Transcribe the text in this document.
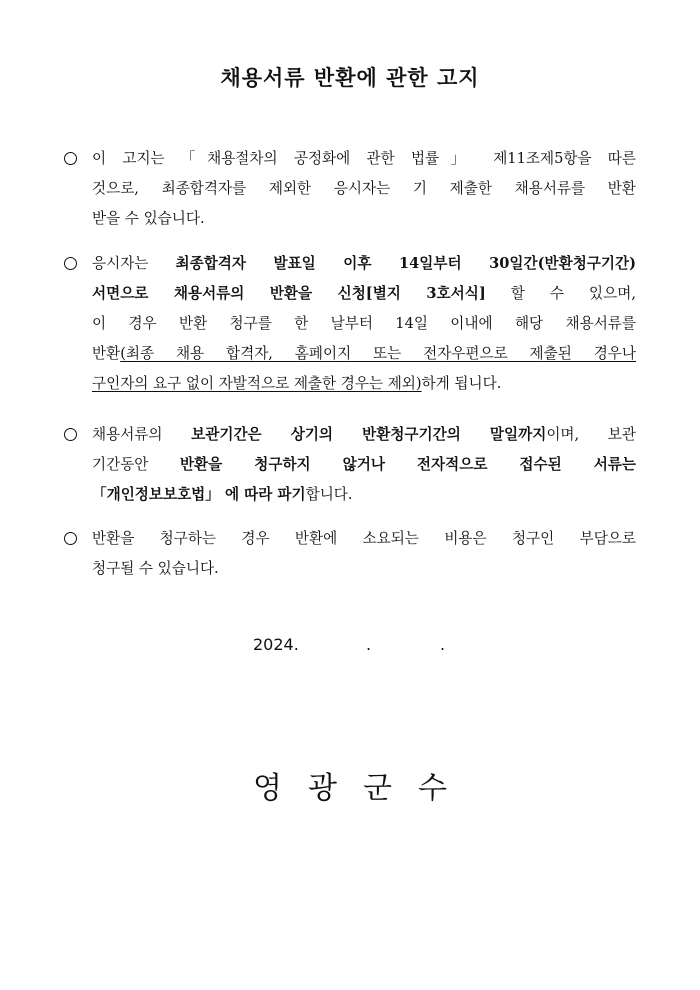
채용서류 반환에 관한 고지
이 고지는 「채용절차의 공정화에 관한 법률」 제11조제5항을 따른
것으로, 최종합격자를 제외한 응시자는 기 제출한 채용서류를 반환
받을 수 있습니다.
응시자는 최종합격자 발표일 이후 14일부터 30일간(반환청구기간)
서면으로 채용서류의 반환을 신청[별지 3호서식] 할 수 있으며,
이 경우 반환 청구를 한 날부터 14일 이내에 해당 채용서류를
반환(최종 채용 합격자, 홈페이지 또는 전자우편으로 제출된 경우나
구인자의 요구 없이 자발적으로 제출한 경우는 제외)하게 됩니다.
채용서류의 보관기간은 상기의 반환청구기간의 말일까지이며, 보관
기간동안 반환을 청구하지 않거나 전자적으로 접수된 서류는
「개인정보보호법」 에 따라 파기합니다.
반환을 청구하는 경우 반환에 소요되는 비용은 청구인 부담으로
청구될 수 있습니다.
2024.	.	.
영광군수
